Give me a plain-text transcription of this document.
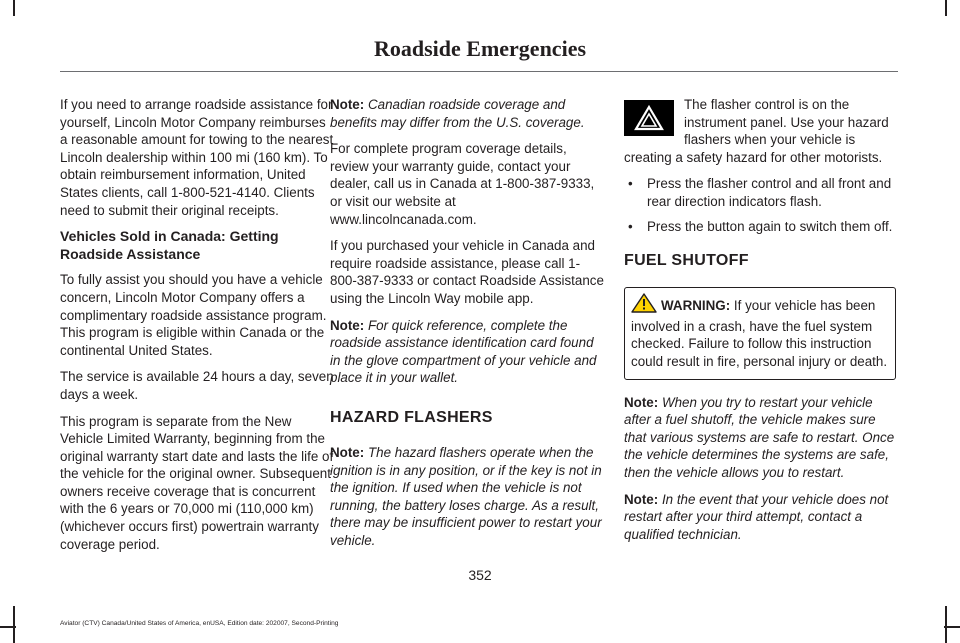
Roadside Emergencies

If you need to arrange roadside assistance for yourself, Lincoln Motor Company reimburses a reasonable amount for towing to the nearest Lincoln dealership within 100 mi (160 km). To obtain reimbursement information, United States clients, call 1-800-521-4140. Clients need to submit their original receipts.

Vehicles Sold in Canada: Getting Roadside Assistance

To fully assist you should you have a vehicle concern, Lincoln Motor Company offers a complimentary roadside assistance program. This program is eligible within Canada or the continental United States.

The service is available 24 hours a day, seven days a week.

This program is separate from the New Vehicle Limited Warranty, beginning from the original warranty start date and lasts the life of the vehicle for the original owner. Subsequent owners receive coverage that is concurrent with the 6 years or 70,000 mi (110,000 km) (whichever occurs first) powertrain warranty coverage period.

Note: Canadian roadside coverage and benefits may differ from the U.S. coverage.

For complete program coverage details, review your warranty guide, contact your dealer, call us in Canada at 1-800-387-9333, or visit our website at www.lincolncanada.com.

If you purchased your vehicle in Canada and require roadside assistance, please call 1-800-387-9333 or contact Roadside Assistance using the Lincoln Way mobile app.

Note: For quick reference, complete the roadside assistance identification card found in the glove compartment of your vehicle and place it in your wallet.

HAZARD FLASHERS

Note: The hazard flashers operate when the ignition is in any position, or if the key is not in the ignition. If used when the vehicle is not running, the battery loses charge. As a result, there may be insufficient power to restart your vehicle.

The flasher control is on the instrument panel. Use your hazard flashers when your vehicle is creating a safety hazard for other motorists.
• Press the flasher control and all front and rear direction indicators flash.
• Press the button again to switch them off.
FUEL SHUTOFF
WARNING: If your vehicle has been involved in a crash, have the fuel system checked. Failure to follow this instruction could result in fire, personal injury or death.

Note: When you try to restart your vehicle after a fuel shutoff, the vehicle makes sure that various systems are safe to restart. Once the vehicle determines the systems are safe, then the vehicle allows you to restart.

Note: In the event that your vehicle does not restart after your third attempt, contact a qualified technician.

352
Aviator (CTV) Canada/United States of America, enUSA, Edition date: 202007, Second-Printing
